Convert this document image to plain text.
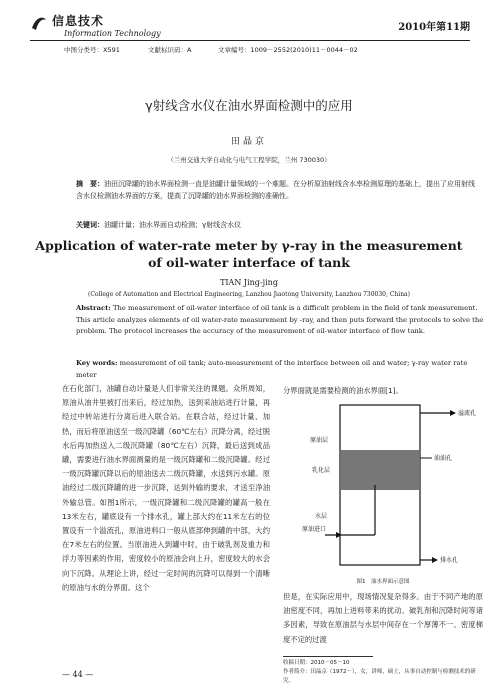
信息技术
Information Technology
2010年第11期
中图分类号：X591	文献标识码：A	文章编号：1009－2552(2010)11－0044－02
γ射线含水仪在油水界面检测中的应用
田晶京
（兰州交通大学自动化与电气工程学院，兰州 730030）
摘　要：油田沉降罐的油水界面检测一直是油罐计量领域的一个难题。在分析原油射线含水率检测原理的基础上，提出了应用射线含水仪检测油水界面的方案，提高了沉降罐的油水界面检测的准确性。
关键词：油罐计量；油水界面自动检测；γ射线含水仪
Application of water-rate meter by γ-ray in the measurement
of oil-water interface of tank
TIAN Jing-jing
(College of Automation and Electrical Engineering, Lanzhou Jiaotong University, Lanzhou 730030, China)
Abstract: The measurement of oil-water interface of oil tank is a difficult problem in the field of tank measurement. This article analyzes elements of oil water-rate measurement by -ray, and then puts forward the protocols to solve the problem. The protocol increases the accuracy of the measurement of oil-water interface of flow tank.
Key words: measurement of oil tank; auto-measurement of the interface between oil and water; γ-ray water rate meter
在石化部门，油罐自动计量是人们非常关注的课题。众所周知，原油从油井里被打出来后，经过加热，送到采油站进行计量，再经过中转站进行分离后进入联合站。在联合站，经过计量、加热，而后将原油送至一级沉降罐（60℃左右）沉降分离，经过脱水后再加热送入二级沉降罐（80℃左右）沉降，最后送到成品罐，需要进行油水界面测量的是一级沉降罐和二级沉降罐。经过一级沉降罐沉降以后的原油送去二级沉降罐，水送到污水罐。原油经过二级沉降罐的进一步沉降，达到外输的要求，才送至净油外输总管。如图1所示，一级沉降罐和二级沉降罐的罐高一般在13米左右，罐底设有一个排水孔，罐上部大约在11米左右的位置设有一个溢流孔，原油进料口一般从底部伸到罐的中部，大约在7米左右的位置。当原油进入到罐中时，由于破乳剂及重力和浮力等因素的作用，密度较小的原油会向上升，密度较大的水会向下沉降。从理论上讲，经过一定时间的沉降可以得到一个清晰的原油与水的分界面。这个
分界面就是需要检测的油水界面[1]。
溢流孔
原油层
乳化层
水层
原油进口
油油孔
排水孔
图1　油水界面示意图
但是，在实际应用中，现场情况复杂得多。由于不同产地的原油密度不同，再加上进料带来的扰动、破乳剂和沉降时间等诸多因素，导致在原油层与水层中间存在一个厚薄不一、密度梯度不定的过渡
收稿日期：2010－05－10
作者简介：田晶京（1972－），女，讲师，硕士，从事自动控制与检测技术的研究。
— 44 —
